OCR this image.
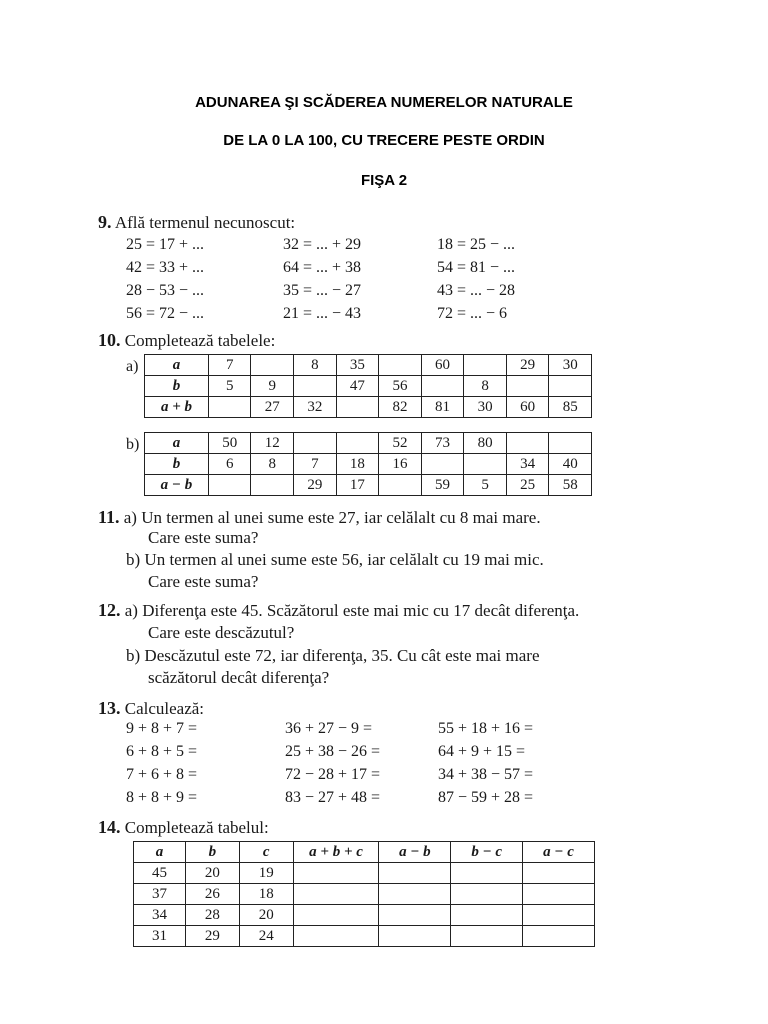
ADUNAREA ŞI SCĂDEREA NUMERELOR NATURALE
DE LA 0 LA 100, CU TRECERE PESTE ORDIN
FIŞA 2
9. Află termenul necunoscut:
25 = 17 + ...
42 = 33 + ...
28 − 53 − ...
56 = 72 − ...
32 = ... + 29
64 = ... + 38
35 = ... − 27
21 = ... − 43
18 = 25 − ...
54 = 81 − ...
43 = ... − 28
72 = ... − 6
10. Completează tabelele:
a) a	7		8	35		60		29	30
b	5	9		47	56		8		
a + b		27	32		82	81	30	60	85
b) a	50	12			52	73	80		
b	6	8	7	18	16			34	40
a − b			29	17		59	5	25	58
11. a) Un termen al unei sume este 27, iar celălalt cu 8 mai mare.
Care este suma?
b) Un termen al unei sume este 56, iar celălalt cu 19 mai mic.
Care este suma?
12. a) Diferenţa este 45. Scăzătorul este mai mic cu 17 decât diferenţa.
Care este descăzutul?
b) Descăzutul este 72, iar diferenţa, 35. Cu cât este mai mare
scăzătorul decât diferenţa?
13. Calculează:
9 + 8 + 7 =
6 + 8 + 5 =
7 + 6 + 8 =
8 + 8 + 9 =
36 + 27 − 9 =
25 + 38 − 26 =
72 − 28 + 17 =
83 − 27 + 48 =
55 + 18 + 16 =
64 + 9 + 15 =
34 + 38 − 57 =
87 − 59 + 28 =
14. Completează tabelul:
a	b	c	a + b + c	a − b	b − c	a − c
45	20	19				
37	26	18				
34	28	20				
31	29	24				
